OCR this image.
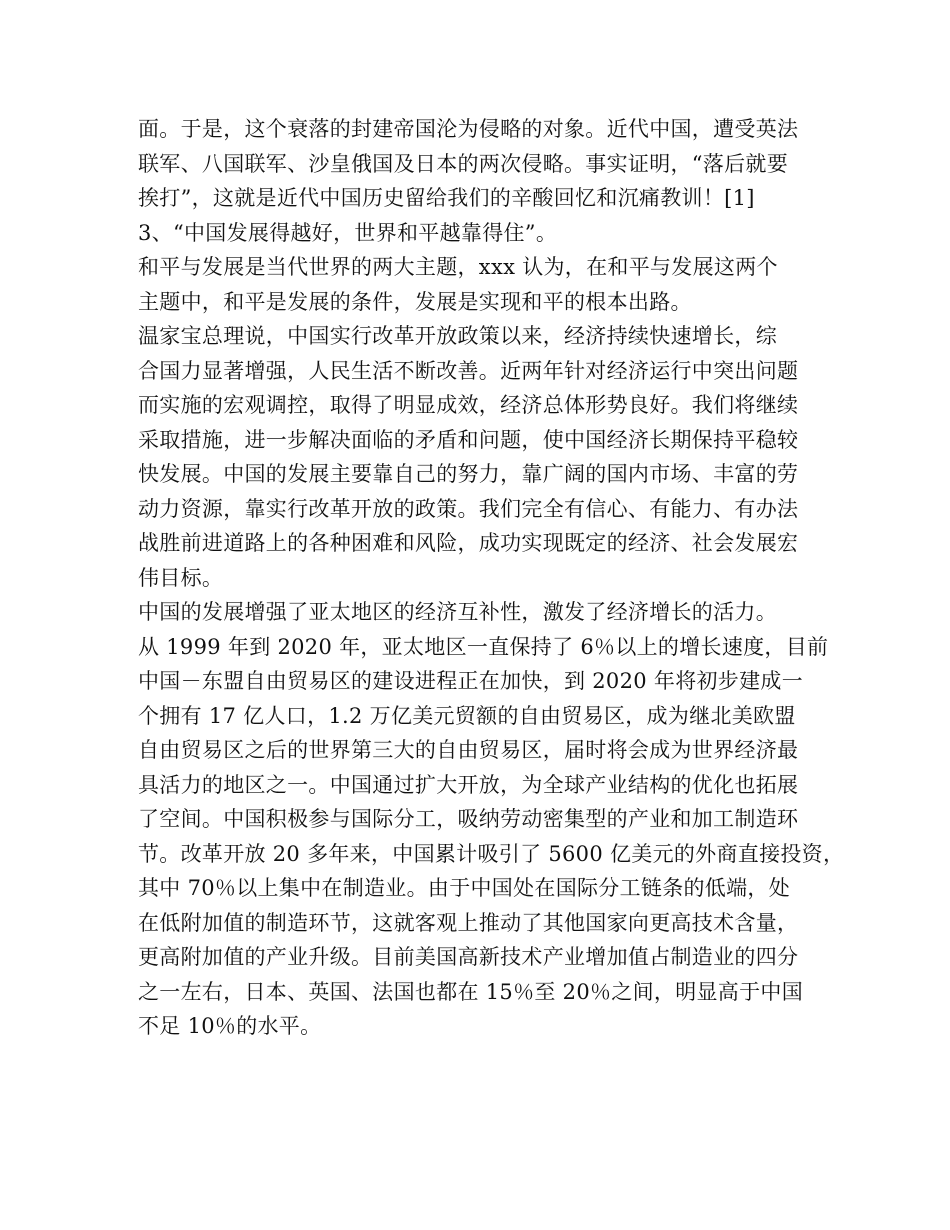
面。于是，这个衰落的封建帝国沦为侵略的对象。近代中国，遭受英法
联军、八国联军、沙皇俄国及日本的两次侵略。事实证明，“落后就要
挨打”，这就是近代中国历史留给我们的辛酸回忆和沉痛教训！[1]
3、“中国发展得越好，世界和平越靠得住”。
和平与发展是当代世界的两大主题，xxx 认为，在和平与发展这两个
主题中，和平是发展的条件，发展是实现和平的根本出路。
温家宝总理说，中国实行改革开放政策以来，经济持续快速增长，综
合国力显著增强，人民生活不断改善。近两年针对经济运行中突出问题
而实施的宏观调控，取得了明显成效，经济总体形势良好。我们将继续
采取措施，进一步解决面临的矛盾和问题，使中国经济长期保持平稳较
快发展。中国的发展主要靠自己的努力，靠广阔的国内市场、丰富的劳
动力资源，靠实行改革开放的政策。我们完全有信心、有能力、有办法
战胜前进道路上的各种困难和风险，成功实现既定的经济、社会发展宏
伟目标。
中国的发展增强了亚太地区的经济互补性，激发了经济增长的活力。
从 1999 年到 2020 年，亚太地区一直保持了 6％以上的增长速度，目前
中国－东盟自由贸易区的建设进程正在加快，到 2020 年将初步建成一
个拥有 17 亿人口，1.2 万亿美元贸额的自由贸易区，成为继北美欧盟
自由贸易区之后的世界第三大的自由贸易区，届时将会成为世界经济最
具活力的地区之一。中国通过扩大开放，为全球产业结构的优化也拓展
了空间。中国积极参与国际分工，吸纳劳动密集型的产业和加工制造环
节。改革开放 20 多年来，中国累计吸引了 5600 亿美元的外商直接投资，
其中 70％以上集中在制造业。由于中国处在国际分工链条的低端，处
在低附加值的制造环节，这就客观上推动了其他国家向更高技术含量，
更高附加值的产业升级。目前美国高新技术产业增加值占制造业的四分
之一左右，日本、英国、法国也都在 15％至 20％之间，明显高于中国
不足 10％的水平。
